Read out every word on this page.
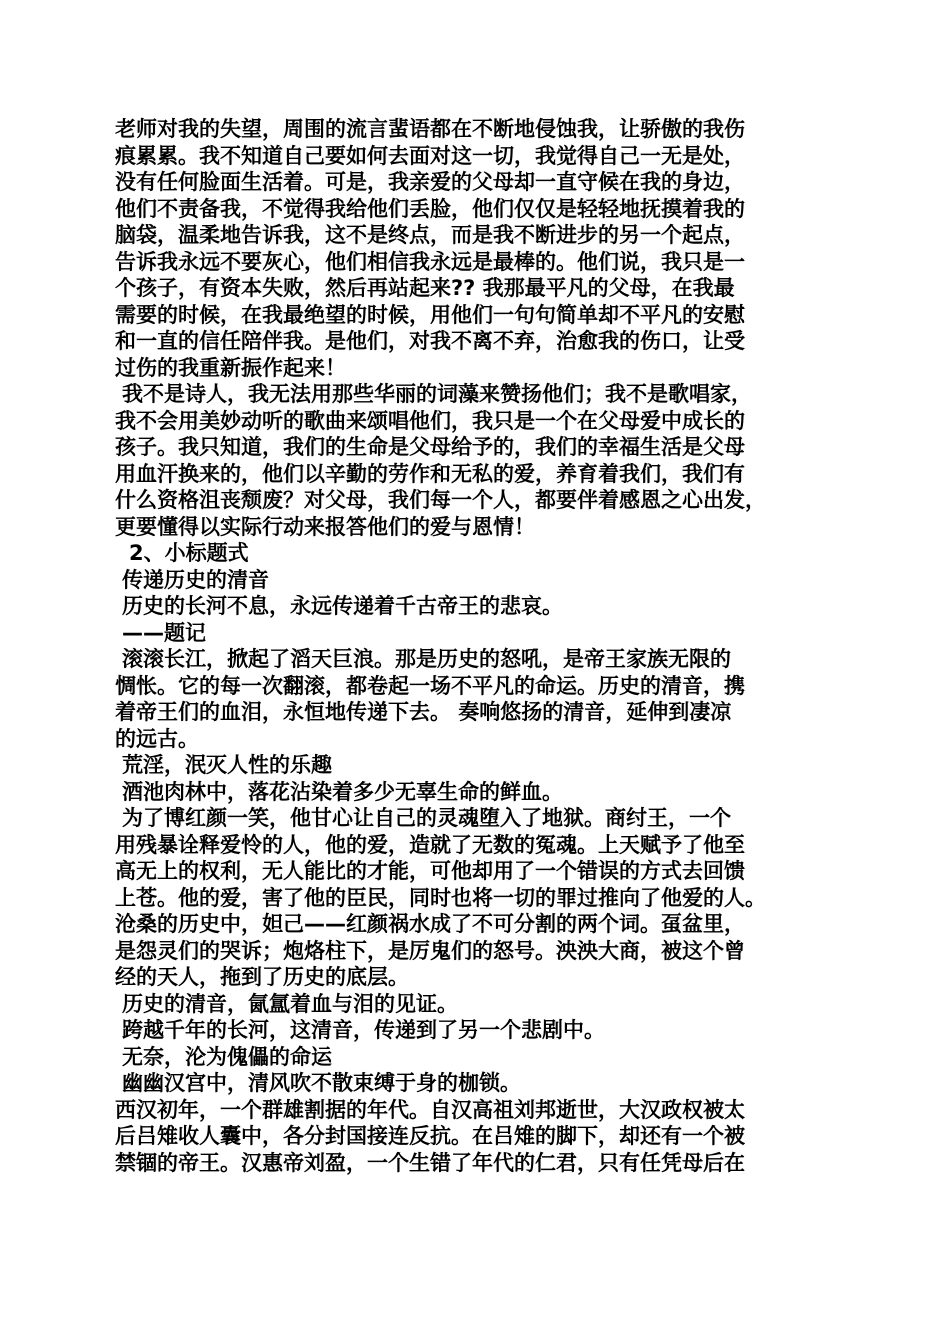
老师对我的失望，周围的流言蜚语都在不断地侵蚀我，让骄傲的我伤
痕累累。我不知道自己要如何去面对这一切，我觉得自己一无是处，
没有任何脸面生活着。可是，我亲爱的父母却一直守候在我的身边，
他们不责备我，不觉得我给他们丢脸，他们仅仅是轻轻地抚摸着我的
脑袋，温柔地告诉我，这不是终点，而是我不断进步的另一个起点，
告诉我永远不要灰心，他们相信我永远是最棒的。他们说，我只是一
个孩子，有资本失败，然后再站起来?? 我那最平凡的父母，在我最
需要的时候，在我最绝望的时候，用他们一句句简单却不平凡的安慰
和一直的信任陪伴我。是他们，对我不离不弃，治愈我的伤口，让受
过伤的我重新振作起来！
我不是诗人，我无法用那些华丽的词藻来赞扬他们；我不是歌唱家，
我不会用美妙动听的歌曲来颂唱他们，我只是一个在父母爱中成长的
孩子。我只知道，我们的生命是父母给予的，我们的幸福生活是父母
用血汗换来的，他们以辛勤的劳作和无私的爱，养育着我们，我们有
什么资格沮丧颓废？对父母，我们每一个人，都要伴着感恩之心出发，
更要懂得以实际行动来报答他们的爱与恩情！
2、小标题式
传递历史的清音
历史的长河不息，永远传递着千古帝王的悲哀。
——题记
滚滚长江，掀起了滔天巨浪。那是历史的怒吼，是帝王家族无限的
惆怅。它的每一次翻滚，都卷起一场不平凡的命运。历史的清音，携
着帝王们的血泪，永恒地传递下去。 奏响悠扬的清音，延伸到凄凉
的远古。
荒淫，泯灭人性的乐趣
酒池肉林中，落花沾染着多少无辜生命的鲜血。
为了博红颜一笑，他甘心让自己的灵魂堕入了地狱。商纣王，一个
用残暴诠释爱怜的人，他的爱，造就了无数的冤魂。上天赋予了他至
高无上的权利，无人能比的才能，可他却用了一个错误的方式去回馈
上苍。他的爱，害了他的臣民，同时也将一切的罪过推向了他爱的人。
沧桑的历史中，妲己——红颜祸水成了不可分割的两个词。虿盆里，
是怨灵们的哭诉；炮烙柱下，是厉鬼们的怒号。泱泱大商，被这个曾
经的天人，拖到了历史的底层。
历史的清音，氤氲着血与泪的见证。
跨越千年的长河，这清音，传递到了另一个悲剧中。
无奈，沦为傀儡的命运
幽幽汉宫中，清风吹不散束缚于身的枷锁。
西汉初年，一个群雄割据的年代。自汉高祖刘邦逝世，大汉政权被太
后吕雉收人囊中，各分封国接连反抗。在吕雉的脚下，却还有一个被
禁锢的帝王。汉惠帝刘盈，一个生错了年代的仁君，只有任凭母后在
